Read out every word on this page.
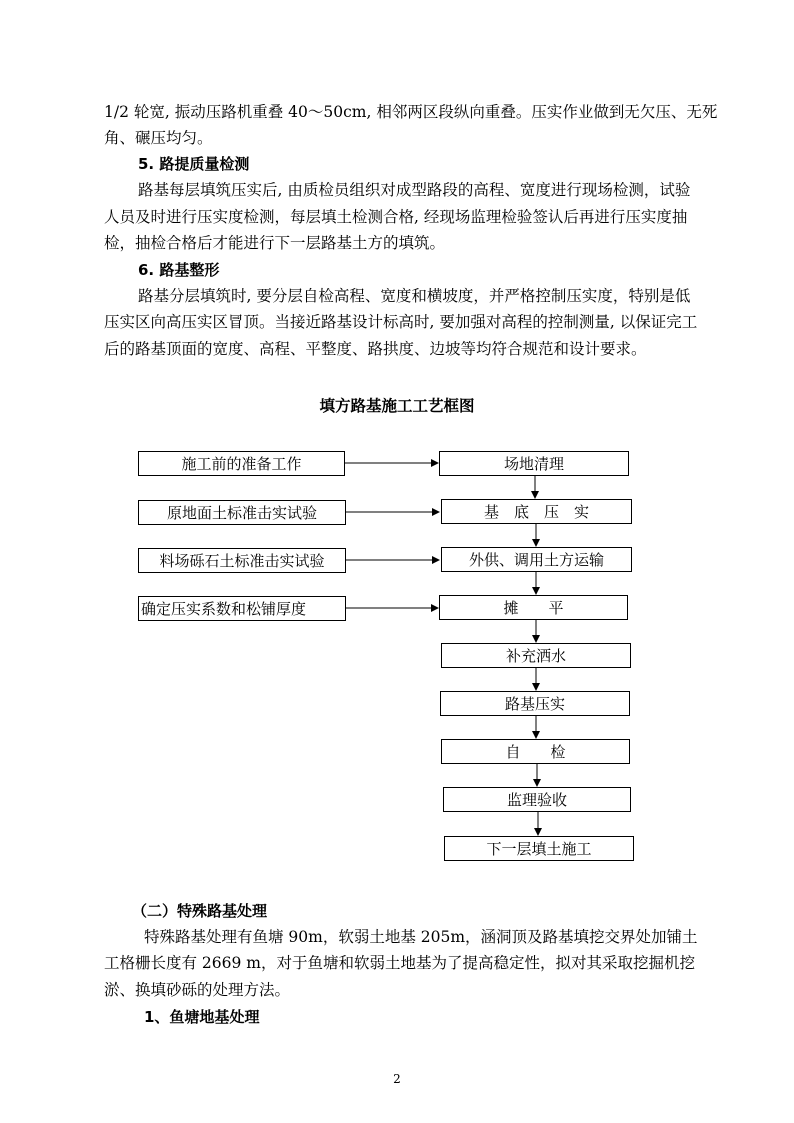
1/2 轮宽, 振动压路机重叠 40～50cm, 相邻两区段纵向重叠。压实作业做到无欠压、无死
角、碾压均匀。
5. 路提质量检测
路基每层填筑压实后, 由质检员组织对成型路段的高程、宽度进行现场检测，试验
人员及时进行压实度检测，每层填土检测合格, 经现场监理检验签认后再进行压实度抽
检，抽检合格后才能进行下一层路基土方的填筑。
6. 路基整形
路基分层填筑时, 要分层自检高程、宽度和横坡度，并严格控制压实度，特别是低
压实区向高压实区冒顶。当接近路基设计标高时, 要加强对高程的控制测量, 以保证完工
后的路基顶面的宽度、高程、平整度、路拱度、边坡等均符合规范和设计要求。
填方路基施工工艺框图
施工前的准备工作
原地面土标准击实试验
料场砾石土标准击实试验
确定压实系数和松铺厚度
场地清理
基　底　压　实
外供、调用土方运输
摊　　平
补充洒水
路基压实
自　　检
监理验收
下一层填土施工
（二）特殊路基处理
特殊路基处理有鱼塘 90m，软弱土地基 205m，涵洞顶及路基填挖交界处加铺土
工格栅长度有 2669 m，对于鱼塘和软弱土地基为了提高稳定性，拟对其采取挖掘机挖
淤、换填砂砾的处理方法。
1、鱼塘地基处理
2
